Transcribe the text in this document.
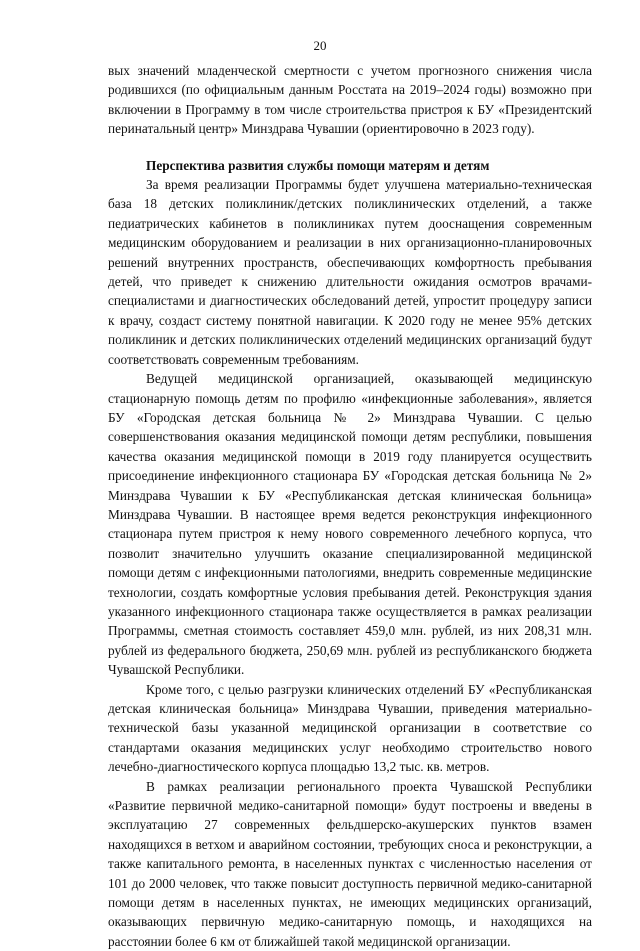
20

вых значений младенческой смертности с учетом прогнозного снижения числа родившихся (по официальным данным Росстата на 2019–2024 годы) возможно при включении в Программу в том числе строительства пристроя к БУ «Президентский перинатальный центр» Минздрава Чувашии (ориентировочно в 2023 году).

Перспектива развития службы помощи матерям и детям

За время реализации Программы будет улучшена материально-техническая база 18 детских поликлиник/детских поликлинических отделений, а также педиатрических кабинетов в поликлиниках путем дооснащения современным медицинским оборудованием и реализации в них организационно-планировочных решений внутренних пространств, обеспечивающих комфортность пребывания детей, что приведет к снижению длительности ожидания осмотров врачами-специалистами и диагностических обследований детей, упростит процедуру записи к врачу, создаст систему понятной навигации. К 2020 году не менее 95% детских поликлиник и детских поликлинических отделений медицинских организаций будут соответствовать современным требованиям.

Ведущей медицинской организацией, оказывающей медицинскую стационарную помощь детям по профилю «инфекционные заболевания», является БУ «Городская детская больница № 2» Минздрава Чувашии. С целью совершенствования оказания медицинской помощи детям республики, повышения качества оказания медицинской помощи в 2019 году планируется осуществить присоединение инфекционного стационара БУ «Городская детская больница № 2» Минздрава Чувашии к БУ «Республиканская детская клиническая больница» Минздрава Чувашии. В настоящее время ведется реконструкция инфекционного стационара путем пристроя к нему нового современного лечебного корпуса, что позволит значительно улучшить оказание специализированной медицинской помощи детям с инфекционными патологиями, внедрить современные медицинские технологии, создать комфортные условия пребывания детей. Реконструкция здания указанного инфекционного стационара также осуществляется в рамках реализации Программы, сметная стоимость составляет 459,0 млн. рублей, из них 208,31 млн. рублей из федерального бюджета, 250,69 млн. рублей из республиканского бюджета Чувашской Республики.

Кроме того, с целью разгрузки клинических отделений БУ «Республиканская детская клиническая больница» Минздрава Чувашии, приведения материально-технической базы указанной медицинской организации в соответствие со стандартами оказания медицинских услуг необходимо строительство нового лечебно-диагностического корпуса площадью 13,2 тыс. кв. метров.

В рамках реализации регионального проекта Чувашской Республики «Развитие первичной медико-санитарной помощи» будут построены и введены в эксплуатацию 27 современных фельдшерско-акушерских пунктов взамен находящихся в ветхом и аварийном состоянии, требующих сноса и реконструкции, а также капитального ремонта, в населенных пунктах с численностью населения от 101 до 2000 человек, что также повысит доступность первичной медико-санитарной помощи детям в населенных пунктах, не имеющих медицинских организаций, оказывающих первичную медико-санитарную помощь, и находящихся на расстоянии более 6 км от ближайшей такой медицинской организации.
